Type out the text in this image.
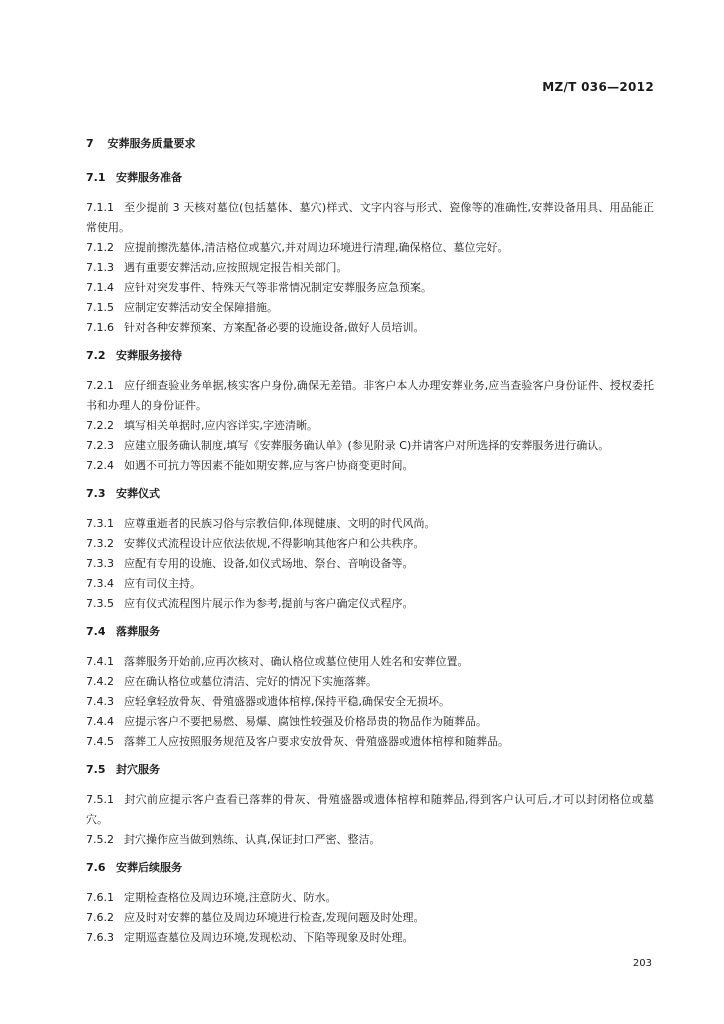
MZ/T 036—2012
7 安葬服务质量要求
7.1 安葬服务准备

7.1.1 至少提前 3 天核对墓位(包括墓体、墓穴)样式、文字内容与形式、瓷像等的准确性,安葬设备用具、用品能正常使用。

7.1.2 应提前擦洗墓体,清洁格位或墓穴,并对周边环境进行清理,确保格位、墓位完好。

7.1.3 遇有重要安葬活动,应按照规定报告相关部门。

7.1.4 应针对突发事件、特殊天气等非常情况制定安葬服务应急预案。

7.1.5 应制定安葬活动安全保障措施。

7.1.6 针对各种安葬预案、方案配备必要的设施设备,做好人员培训。

7.2 安葬服务接待

7.2.1 应仔细查验业务单据,核实客户身份,确保无差错。非客户本人办理安葬业务,应当查验客户身份证件、授权委托书和办理人的身份证件。

7.2.2 填写相关单据时,应内容详实,字迹清晰。

7.2.3 应建立服务确认制度,填写《安葬服务确认单》(参见附录 C)并请客户对所选择的安葬服务进行确认。

7.2.4 如遇不可抗力等因素不能如期安葬,应与客户协商变更时间。

7.3 安葬仪式

7.3.1 应尊重逝者的民族习俗与宗教信仰,体现健康、文明的时代风尚。

7.3.2 安葬仪式流程设计应依法依规,不得影响其他客户和公共秩序。

7.3.3 应配有专用的设施、设备,如仪式场地、祭台、音响设备等。

7.3.4 应有司仪主持。

7.3.5 应有仪式流程图片展示作为参考,提前与客户确定仪式程序。

7.4 落葬服务

7.4.1 落葬服务开始前,应再次核对、确认格位或墓位使用人姓名和安葬位置。

7.4.2 应在确认格位或墓位清洁、完好的情况下实施落葬。

7.4.3 应轻拿轻放骨灰、骨殖盛器或遗体棺椁,保持平稳,确保安全无损坏。

7.4.4 应提示客户不要把易燃、易爆、腐蚀性较强及价格昂贵的物品作为随葬品。

7.4.5 落葬工人应按照服务规范及客户要求安放骨灰、骨殖盛器或遗体棺椁和随葬品。

7.5 封穴服务

7.5.1 封穴前应提示客户查看已落葬的骨灰、骨殖盛器或遗体棺椁和随葬品,得到客户认可后,才可以封闭格位或墓穴。

7.5.2 封穴操作应当做到熟练、认真,保证封口严密、整洁。

7.6 安葬后续服务

7.6.1 定期检查格位及周边环境,注意防火、防水。

7.6.2 应及时对安葬的墓位及周边环境进行检查,发现问题及时处理。

7.6.3 定期巡查墓位及周边环境,发现松动、下陷等现象及时处理。

203
